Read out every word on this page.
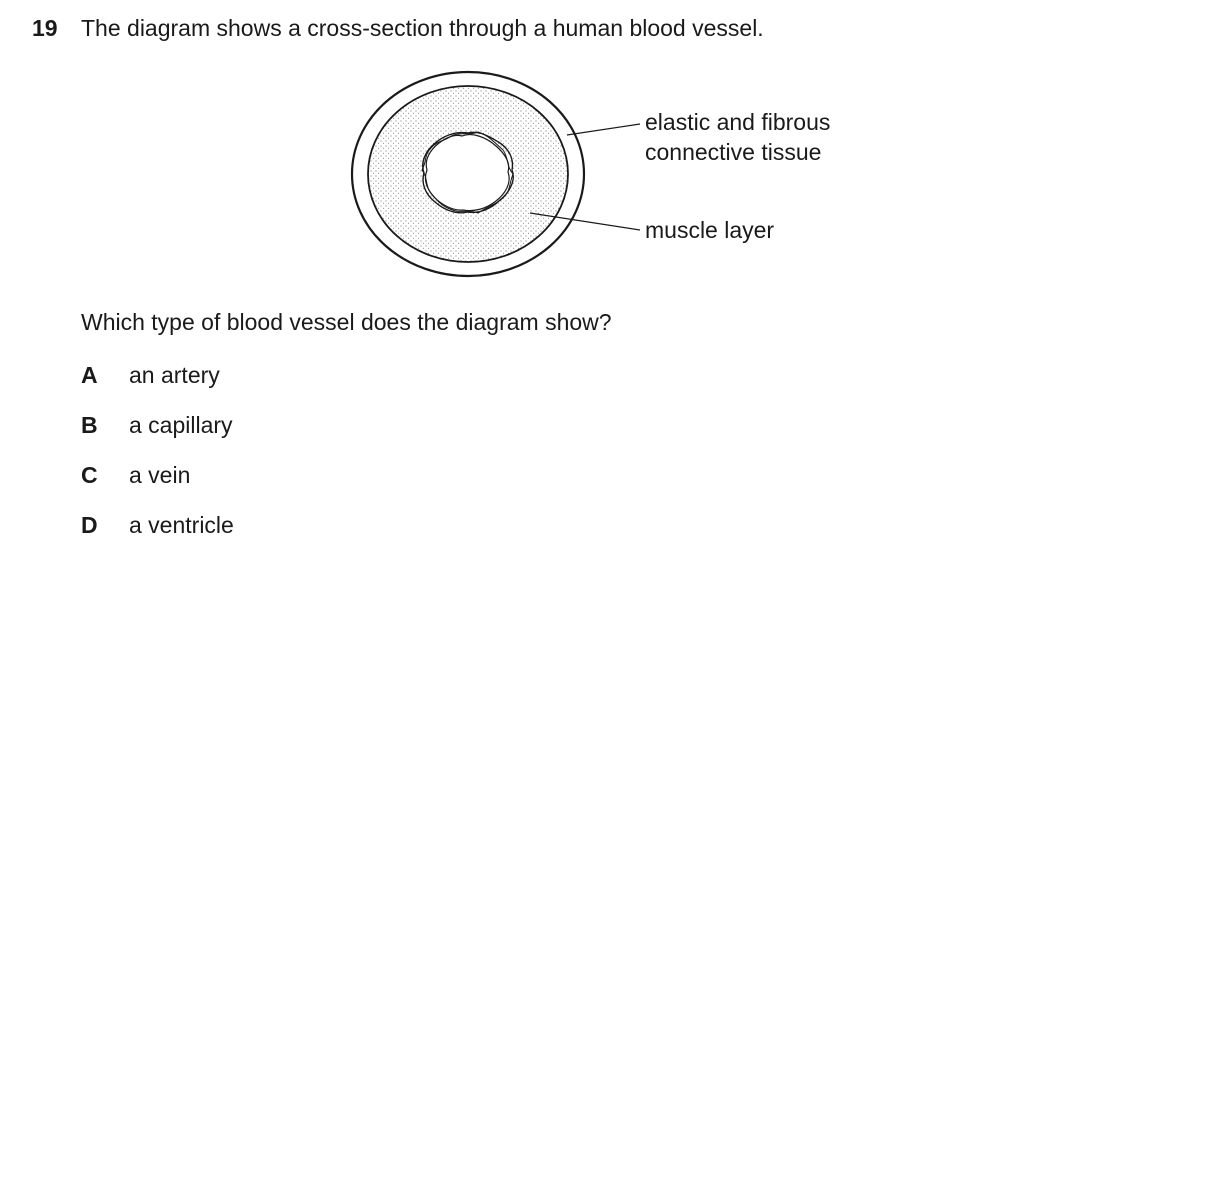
19 The diagram shows a cross-section through a human blood vessel.
elastic and fibrous
connective tissue
muscle layer
Which type of blood vessel does the diagram show?
A an artery
B a capillary
C a vein
D a ventricle
